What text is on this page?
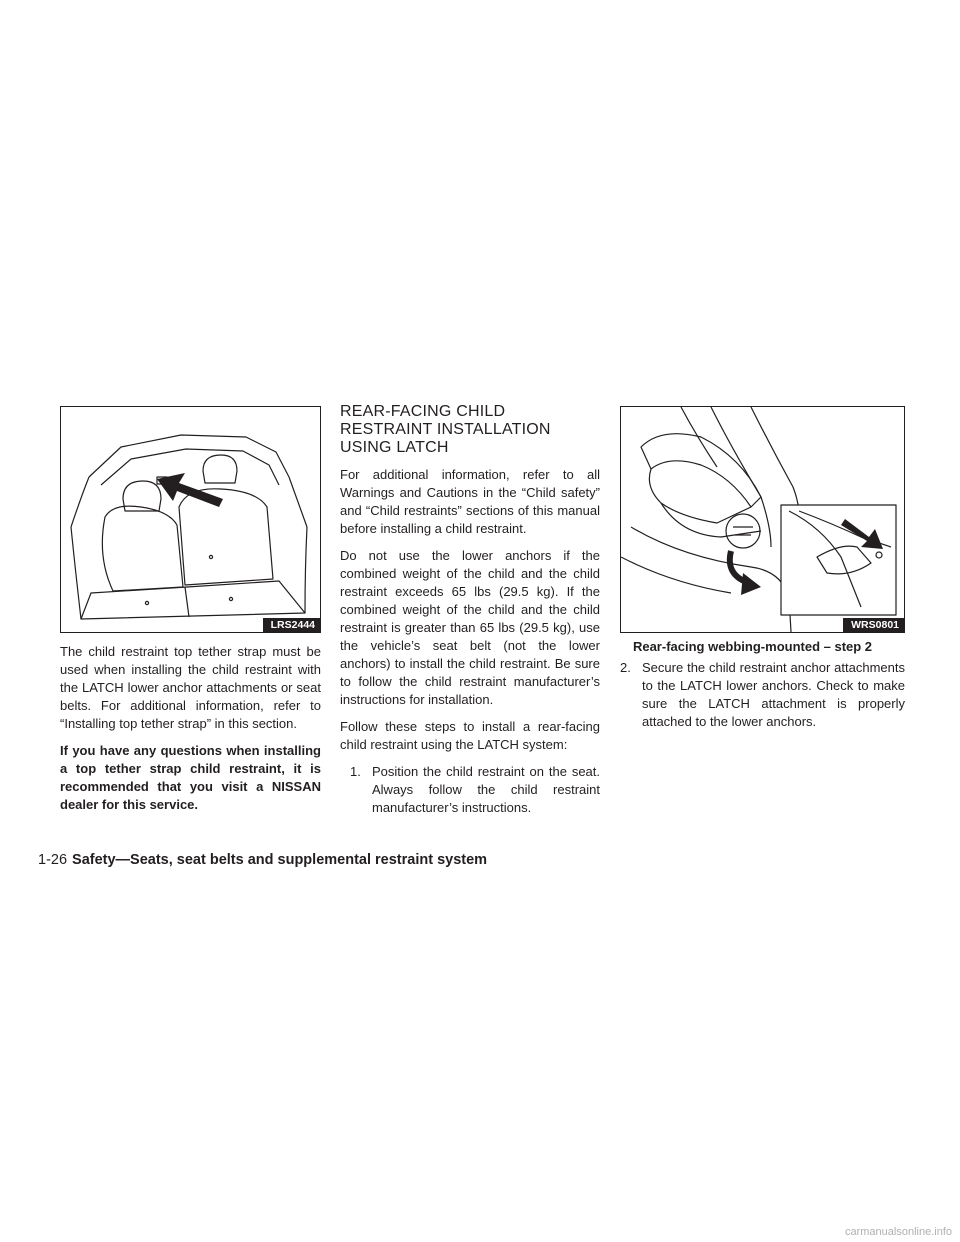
LRS2444

The child restraint top tether strap must be used when installing the child restraint with the LATCH lower anchor attachments or seat belts. For additional information, refer to “Installing top tether strap” in this section.

If you have any questions when installing a top tether strap child restraint, it is recommended that you visit a NISSAN dealer for this service.

REAR-FACING CHILD RESTRAINT INSTALLATION USING LATCH

For additional information, refer to all Warnings and Cautions in the “Child safety” and “Child restraints” sections of this manual before installing a child restraint.

Do not use the lower anchors if the combined weight of the child and the child restraint exceeds 65 lbs (29.5 kg). If the combined weight of the child and the child restraint is greater than 65 lbs (29.5 kg), use the vehicle’s seat belt (not the lower anchors) to install the child restraint. Be sure to follow the child restraint manufacturer’s instructions for installation.

Follow these steps to install a rear-facing child restraint using the LATCH system:

1. Position the child restraint on the seat. Always follow the child restraint manufacturer’s instructions.
WRS0801
Rear-facing webbing-mounted – step 2
2. Secure the child restraint anchor attachments to the LATCH lower anchors. Check to make sure the LATCH attachment is properly attached to the lower anchors.
1-26 Safety—Seats, seat belts and supplemental restraint system
carmanualsonline.info
